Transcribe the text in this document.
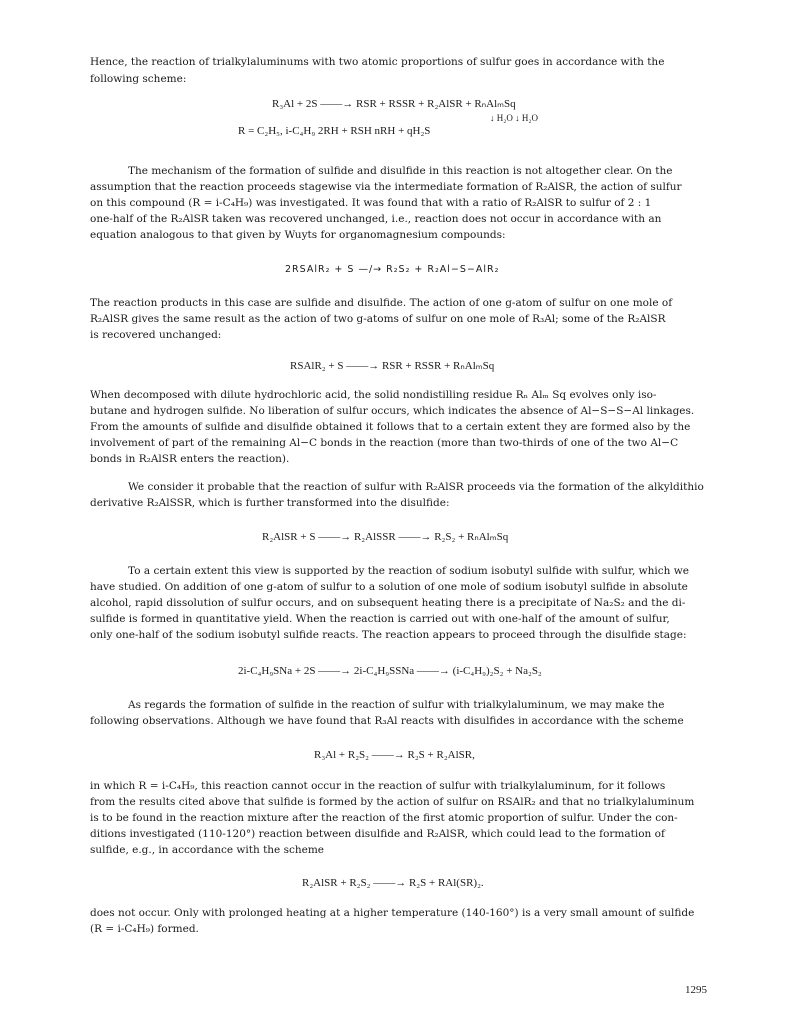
Hence, the reaction of trialkylaluminums with two atomic proportions of sulfur goes in accordance with the
following scheme:
R₃Al + 2S ——→ RSR + RSSR + R₂AlSR + RₙAlₘSq
↓ H₂O ↓ H₂O
R = C₂H₅, i-C₄H₉ 2RH + RSH nRH + qH₂S
The mechanism of the formation of sulfide and disulfide in this reaction is not altogether clear. On the
assumption that the reaction proceeds stagewise via the intermediate formation of R₂AlSR, the action of sulfur
on this compound (R = i-C₄H₉) was investigated. It was found that with a ratio of R₂AlSR to sulfur of 2 : 1
one-half of the R₂AlSR taken was recovered unchanged, i.e., reaction does not occur in accordance with an
equation analogous to that given by Wuyts for organomagnesium compounds:
2RSAlR₂ + S —/→ R₂S₂ + R₂Al−S−AlR₂
The reaction products in this case are sulfide and disulfide. The action of one g-atom of sulfur on one mole of
R₂AlSR gives the same result as the action of two g-atoms of sulfur on one mole of R₃Al; some of the R₂AlSR
is recovered unchanged:
RSAlR₂ + S ——→ RSR + RSSR + RₙAlₘSq
When decomposed with dilute hydrochloric acid, the solid nondistilling residue Rₙ Alₘ Sq evolves only iso-
butane and hydrogen sulfide. No liberation of sulfur occurs, which indicates the absence of Al−S−S−Al linkages.
From the amounts of sulfide and disulfide obtained it follows that to a certain extent they are formed also by the
involvement of part of the remaining Al−C bonds in the reaction (more than two-thirds of one of the two Al−C
bonds in R₂AlSR enters the reaction).
We consider it probable that the reaction of sulfur with R₂AlSR proceeds via the formation of the alkyldithio
derivative R₂AlSSR, which is further transformed into the disulfide:
R₂AlSR + S ——→ R₂AlSSR ——→ R₂S₂ + RₙAlₘSq
To a certain extent this view is supported by the reaction of sodium isobutyl sulfide with sulfur, which we
have studied. On addition of one g-atom of sulfur to a solution of one mole of sodium isobutyl sulfide in absolute
alcohol, rapid dissolution of sulfur occurs, and on subsequent heating there is a precipitate of Na₂S₂ and the di-
sulfide is formed in quantitative yield. When the reaction is carried out with one-half of the amount of sulfur,
only one-half of the sodium isobutyl sulfide reacts. The reaction appears to proceed through the disulfide stage:
2i-C₄H₉SNa + 2S ——→ 2i-C₄H₉SSNa ——→ (i-C₄H₉)₂S₂ + Na₂S₂
As regards the formation of sulfide in the reaction of sulfur with trialkylaluminum, we may make the
following observations. Although we have found that R₃Al reacts with disulfides in accordance with the scheme
R₃Al + R₂S₂ ——→ R₂S + R₂AlSR,
in which R = i-C₄H₉, this reaction cannot occur in the reaction of sulfur with trialkylaluminum, for it follows
from the results cited above that sulfide is formed by the action of sulfur on RSAlR₂ and that no trialkylaluminum
is to be found in the reaction mixture after the reaction of the first atomic proportion of sulfur. Under the con-
ditions investigated (110-120°) reaction between disulfide and R₂AlSR, which could lead to the formation of
sulfide, e.g., in accordance with the scheme
R₂AlSR + R₂S₂ ——→ R₂S + RAl(SR)₂.
does not occur. Only with prolonged heating at a higher temperature (140-160°) is a very small amount of sulfide
(R = i-C₄H₉) formed.
1295
